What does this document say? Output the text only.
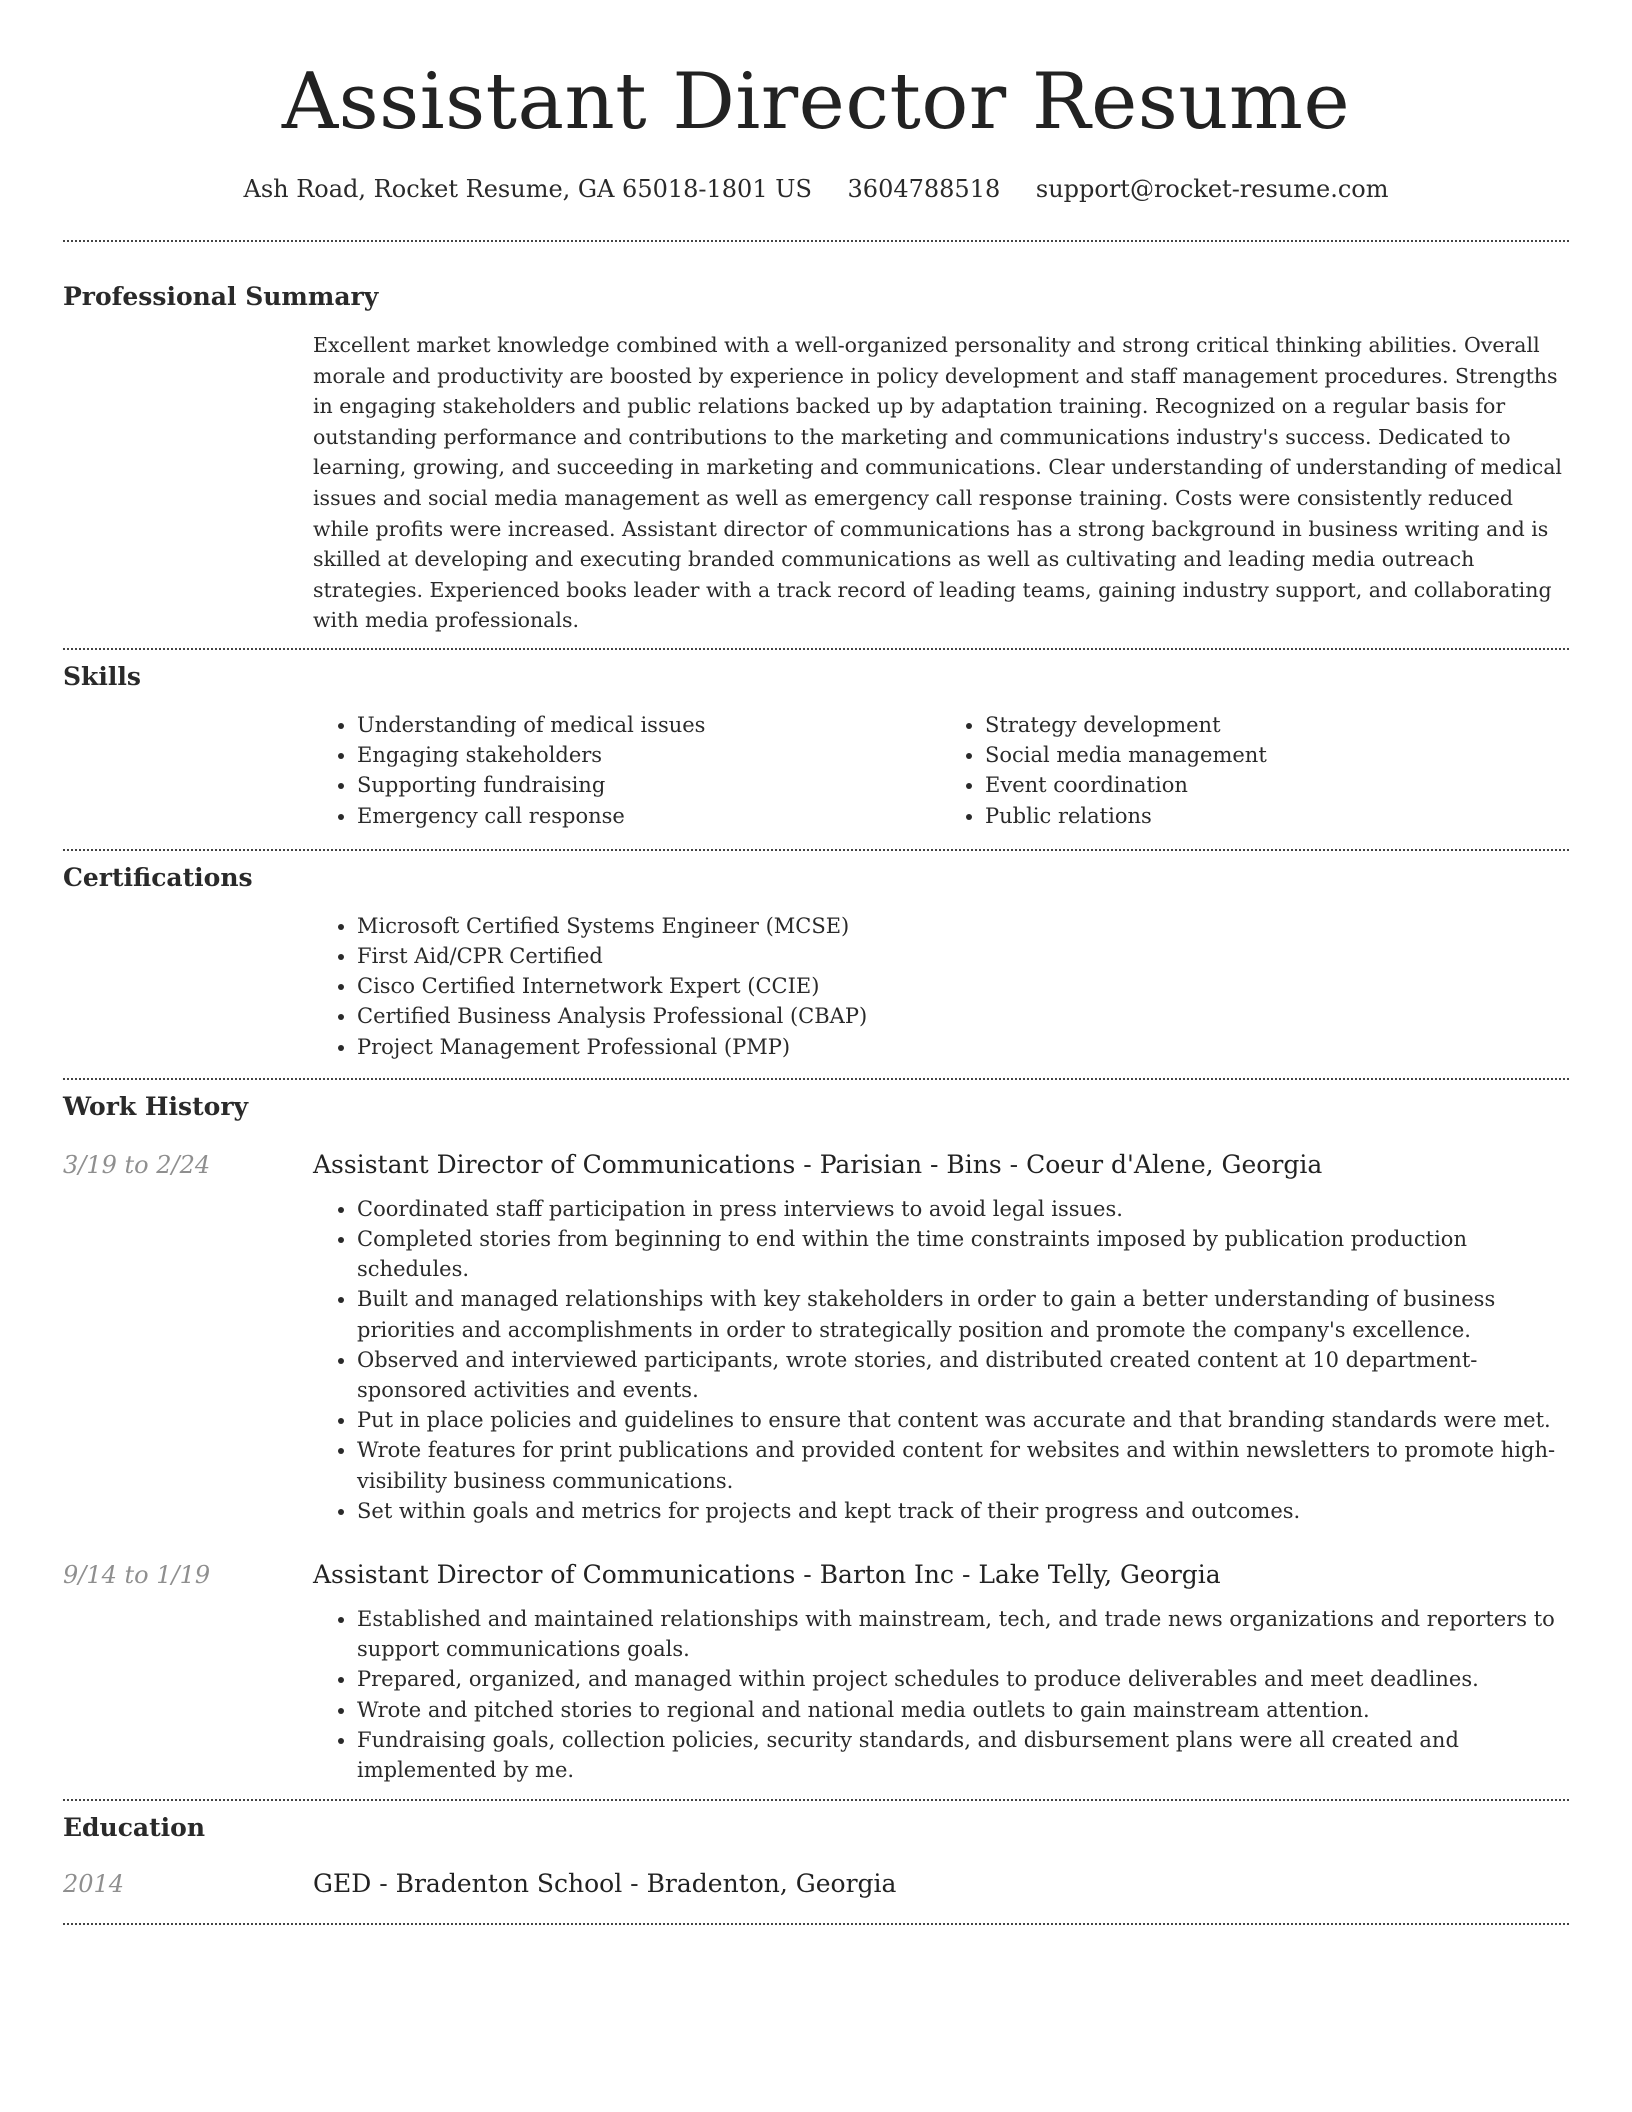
Assistant Director Resume
Ash Road, Rocket Resume, GA 65018-1801 US 3604788518 support@rocket-resume.com
Professional Summary

Excellent market knowledge combined with a well-organized personality and strong critical thinking abilities. Overall morale and productivity are boosted by experience in policy development and staff management procedures. Strengths in engaging stakeholders and public relations backed up by adaptation training. Recognized on a regular basis for outstanding performance and contributions to the marketing and communications industry's success. Dedicated to learning, growing, and succeeding in marketing and communications. Clear understanding of understanding of medical issues and social media management as well as emergency call response training. Costs were consistently reduced while profits were increased. Assistant director of communications has a strong background in business writing and is skilled at developing and executing branded communications as well as cultivating and leading media outreach strategies. Experienced books leader with a track record of leading teams, gaining industry support, and collaborating with media professionals.

Skills
• Understanding of medical issues
• Engaging stakeholders
• Supporting fundraising
• Emergency call response
• Strategy development
• Social media management
• Event coordination
• Public relations
Certifications
• Microsoft Certified Systems Engineer (MCSE)
• First Aid/CPR Certified
• Cisco Certified Internetwork Expert (CCIE)
• Certified Business Analysis Professional (CBAP)
• Project Management Professional (PMP)
Work History
3/19 to 2/24	Assistant Director of Communications - Parisian - Bins - Coeur d'Alene, Georgia
• Coordinated staff participation in press interviews to avoid legal issues.
• Completed stories from beginning to end within the time constraints imposed by publication production schedules.
• Built and managed relationships with key stakeholders in order to gain a better understanding of business priorities and accomplishments in order to strategically position and promote the company's excellence.
• Observed and interviewed participants, wrote stories, and distributed created content at 10 department-sponsored activities and events.
• Put in place policies and guidelines to ensure that content was accurate and that branding standards were met.
• Wrote features for print publications and provided content for websites and within newsletters to promote high-visibility business communications.
• Set within goals and metrics for projects and kept track of their progress and outcomes.
9/14 to 1/19	Assistant Director of Communications - Barton Inc - Lake Telly, Georgia
• Established and maintained relationships with mainstream, tech, and trade news organizations and reporters to support communications goals.
• Prepared, organized, and managed within project schedules to produce deliverables and meet deadlines.
• Wrote and pitched stories to regional and national media outlets to gain mainstream attention.
• Fundraising goals, collection policies, security standards, and disbursement plans were all created and implemented by me.
Education
2014	GED - Bradenton School - Bradenton, Georgia
